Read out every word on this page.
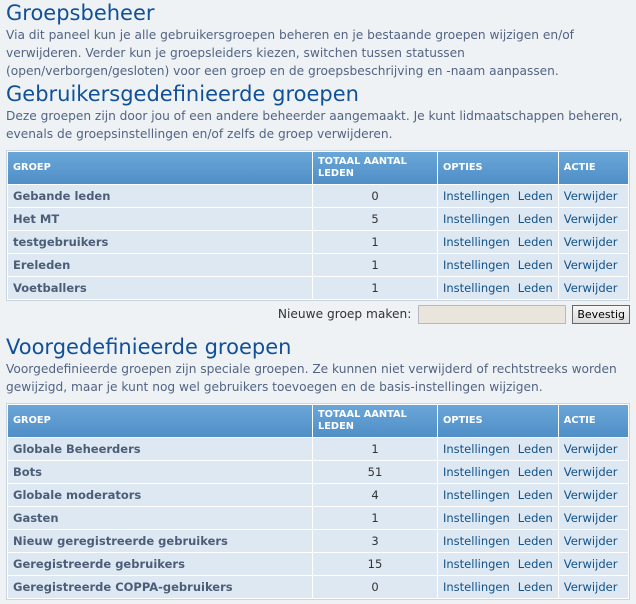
Groepsbeheer

Via dit paneel kun je alle gebruikersgroepen beheren en je bestaande groepen wijzigen en/of verwijderen. Verder kun je groepsleiders kiezen, switchen tussen statussen (open/verborgen/gesloten) voor een groep en de groepsbeschrijving en -naam aanpassen.

Gebruikersgedefinieerde groepen

Deze groepen zijn door jou of een andere beheerder aangemaakt. Je kunt lidmaatschappen beheren, evenals de groepsinstellingen en/of zelfs de groep verwijderen.

GROEP	TOTAAL AANTAL LEDEN	OPTIES	ACTIE
Gebande leden	0	Instellingen Leden	Verwijder
Het MT	5	Instellingen Leden	Verwijder
testgebruikers	1	Instellingen Leden	Verwijder
Ereleden	1	Instellingen Leden	Verwijder
Voetballers	1	Instellingen Leden	Verwijder
Nieuwe groep maken:	Bevestig
Voorgedefinieerde groepen

Voorgedefinieerde groepen zijn speciale groepen. Ze kunnen niet verwijderd of rechtstreeks worden gewijzigd, maar je kunt nog wel gebruikers toevoegen en de basis-instellingen wijzigen.

GROEP	TOTAAL AANTAL LEDEN	OPTIES	ACTIE
Globale Beheerders	1	Instellingen Leden	Verwijder
Bots	51	Instellingen Leden	Verwijder
Globale moderators	4	Instellingen Leden	Verwijder
Gasten	1	Instellingen Leden	Verwijder
Nieuw geregistreerde gebruikers	3	Instellingen Leden	Verwijder
Geregistreerde gebruikers	15	Instellingen Leden	Verwijder
Geregistreerde COPPA-gebruikers	0	Instellingen Leden	Verwijder
